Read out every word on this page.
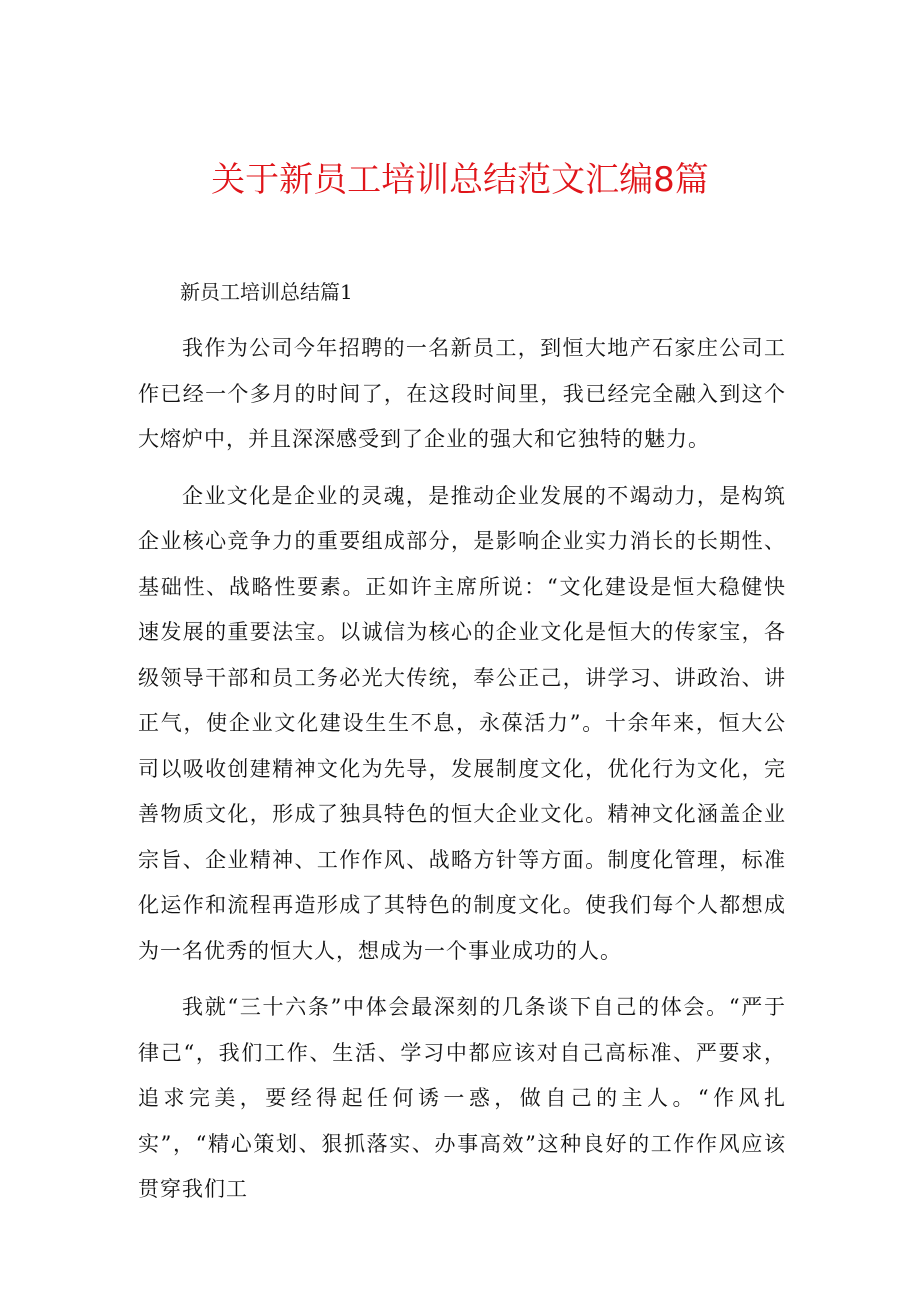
关于新员工培训总结范文汇编8篇

新员工培训总结篇1

我作为公司今年招聘的一名新员工，到恒大地产石家庄公司工作已经一个多月的时间了，在这段时间里，我已经完全融入到这个大熔炉中，并且深深感受到了企业的强大和它独特的魅力。

企业文化是企业的灵魂，是推动企业发展的不竭动力，是构筑企业核心竞争力的重要组成部分，是影响企业实力消长的长期性、基础性、战略性要素。正如许主席所说：“文化建设是恒大稳健快速发展的重要法宝。以诚信为核心的企业文化是恒大的传家宝，各级领导干部和员工务必光大传统，奉公正己，讲学习、讲政治、讲正气，使企业文化建设生生不息，永葆活力”。十余年来，恒大公司以吸收创建精神文化为先导，发展制度文化，优化行为文化，完善物质文化，形成了独具特色的恒大企业文化。精神文化涵盖企业宗旨、企业精神、工作作风、战略方针等方面。制度化管理，标准化运作和流程再造形成了其特色的制度文化。使我们每个人都想成为一名优秀的恒大人，想成为一个事业成功的人。

我就“三十六条”中体会最深刻的几条谈下自己的体会。“严于律己“，我们工作、生活、学习中都应该对自己高标准、严要求，追求完美，要经得起任何诱一惑，做自己的主人。“作风扎实”，“精心策划、狠抓落实、办事高效”这种良好的工作作风应该贯穿我们工
